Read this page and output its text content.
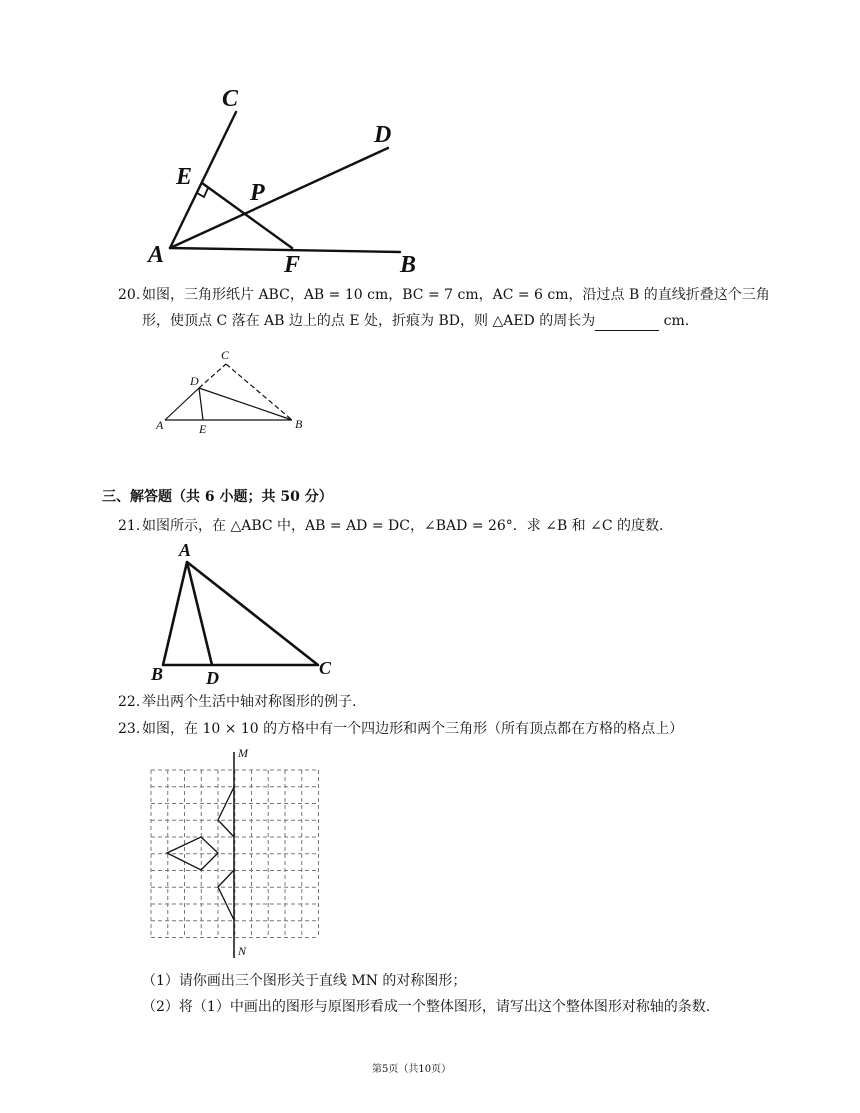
C
D
E
P
A	F	B
20. 如图，三角形纸片 ABC，AB = 10 cm，BC = 7 cm，AC = 6 cm，沿过点 B 的直线折叠这个三角
形，使顶点 C 落在 AB 边上的点 E 处，折痕为 BD，则 △AED 的周长为	cm.
C
D
A	E	B
三、解答题（共 6 小题；共 50 分）
21. 如图所示，在 △ABC 中，AB = AD = DC，∠BAD = 26°．求 ∠B 和 ∠C 的度数．
A
B D	C
22. 举出两个生活中轴对称图形的例子.
23. 如图，在 10 × 10 的方格中有一个四边形和两个三角形（所有顶点都在方格的格点上）
M
N
（1）请你画出三个图形关于直线 MN 的对称图形；
（2）将（1）中画出的图形与原图形看成一个整体图形，请写出这个整体图形对称轴的条数.
第5页（共10页）
